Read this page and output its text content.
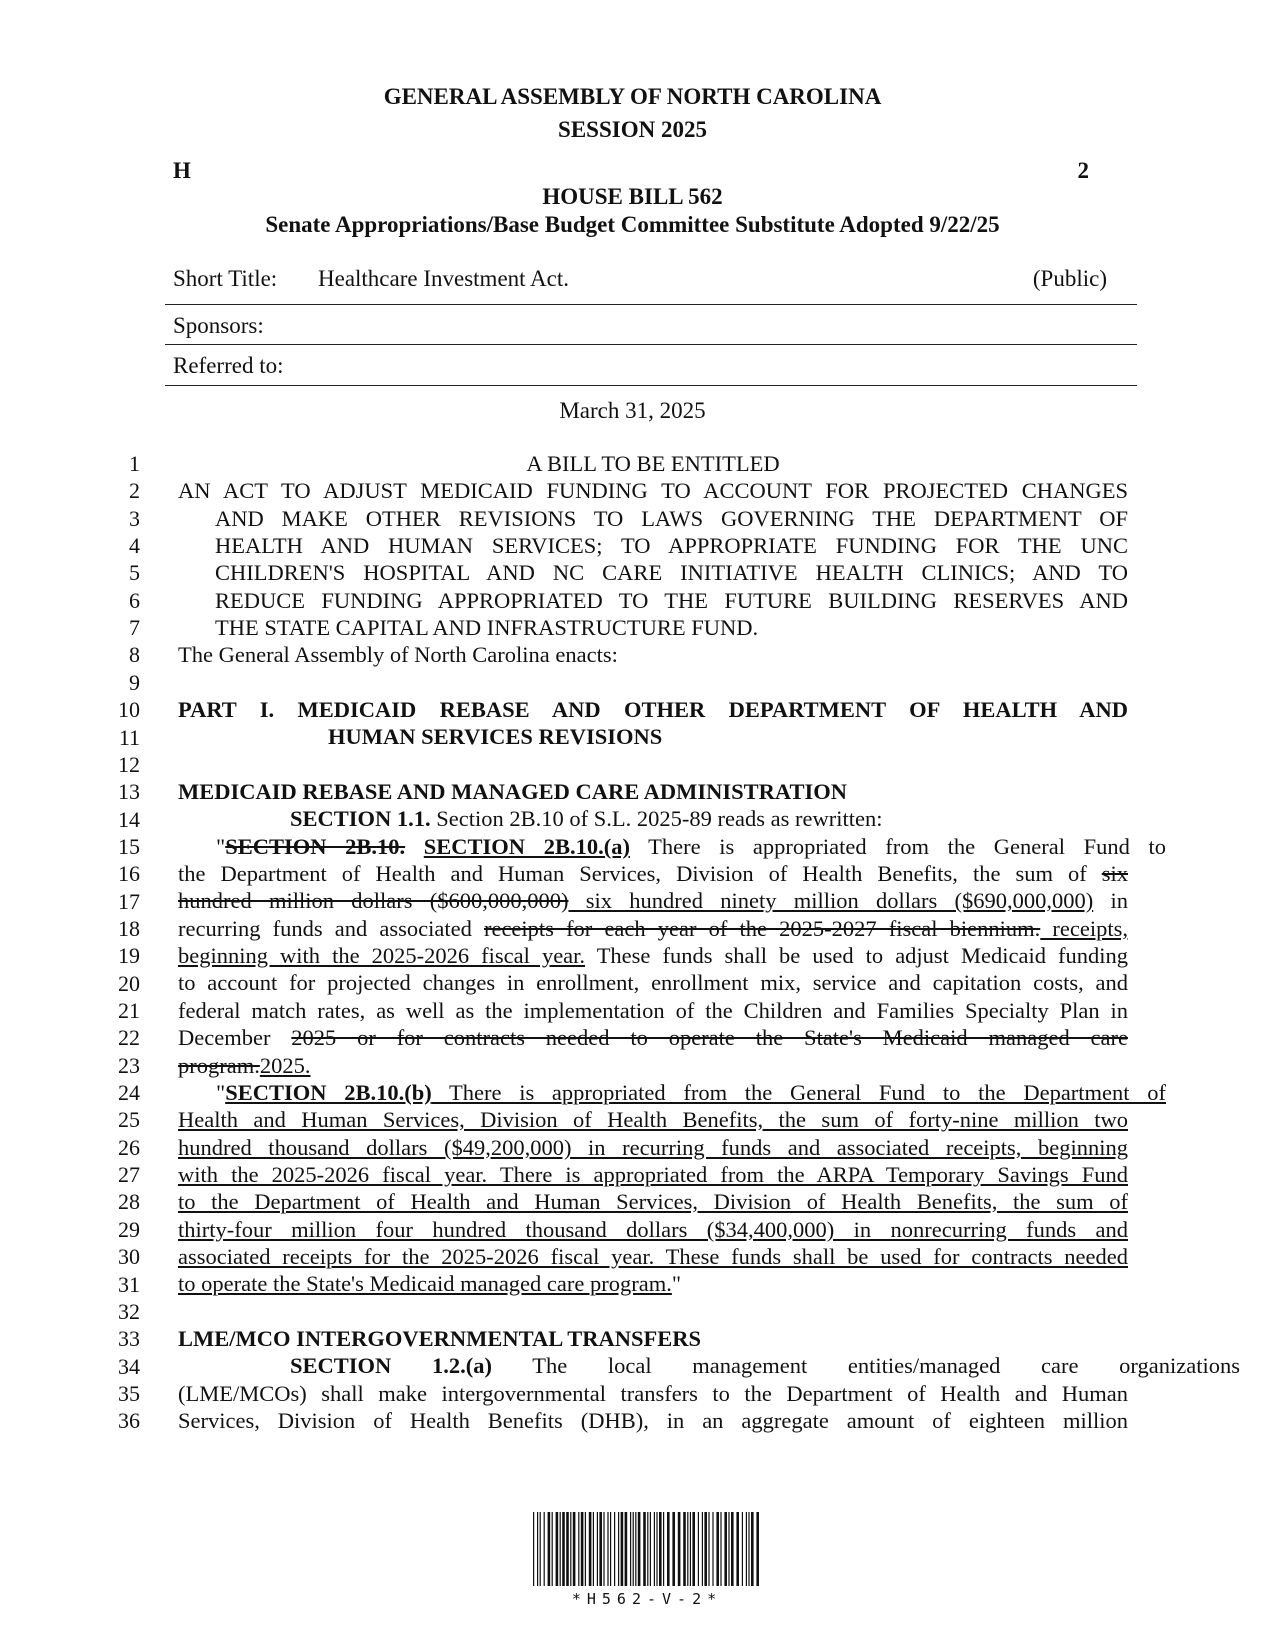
GENERAL ASSEMBLY OF NORTH CAROLINA
SESSION 2025
H	2
HOUSE BILL 562
Senate Appropriations/Base Budget Committee Substitute Adopted 9/22/25
Short Title: Healthcare Investment Act.	(Public)
Sponsors:
Referred to:
March 31, 2025
1
2
3
4
5
6
7
8
9
10
11
12
13
14
15
16
17
18
19
20
21
22
23
24
25
26
27
28
29
30
31
32
33
34
35
36
A BILL TO BE ENTITLED
AN ACT TO ADJUST MEDICAID FUNDING TO ACCOUNT FOR PROJECTED CHANGES
AND MAKE OTHER REVISIONS TO LAWS GOVERNING THE DEPARTMENT OF
HEALTH AND HUMAN SERVICES; TO APPROPRIATE FUNDING FOR THE UNC
CHILDREN'S HOSPITAL AND NC CARE INITIATIVE HEALTH CLINICS; AND TO
REDUCE FUNDING APPROPRIATED TO THE FUTURE BUILDING RESERVES AND
THE STATE CAPITAL AND INFRASTRUCTURE FUND.
The General Assembly of North Carolina enacts:
PART I. MEDICAID REBASE AND OTHER DEPARTMENT OF HEALTH AND
HUMAN SERVICES REVISIONS
MEDICAID REBASE AND MANAGED CARE ADMINISTRATION
SECTION 1.1. Section 2B.10 of S.L. 2025-89 reads as rewritten:
"SECTION 2B.10. SECTION 2B.10.(a) There is appropriated from the General Fund to
the Department of Health and Human Services, Division of Health Benefits, the sum of six
hundred million dollars ($600,000,000) six hundred ninety million dollars ($690,000,000) in
recurring funds and associated receipts for each year of the 2025-2027 fiscal biennium. receipts,
beginning with the 2025-2026 fiscal year. These funds shall be used to adjust Medicaid funding
to account for projected changes in enrollment, enrollment mix, service and capitation costs, and
federal match rates, as well as the implementation of the Children and Families Specialty Plan in
December 2025 or for contracts needed to operate the State's Medicaid managed care
program.2025.
"SECTION 2B.10.(b) There is appropriated from the General Fund to the Department of
Health and Human Services, Division of Health Benefits, the sum of forty-nine million two
hundred thousand dollars ($49,200,000) in recurring funds and associated receipts, beginning
with the 2025-2026 fiscal year. There is appropriated from the ARPA Temporary Savings Fund
to the Department of Health and Human Services, Division of Health Benefits, the sum of
thirty-four million four hundred thousand dollars ($34,400,000) in nonrecurring funds and
associated receipts for the 2025-2026 fiscal year. These funds shall be used for contracts needed
to operate the State's Medicaid managed care program."
LME/MCO INTERGOVERNMENTAL TRANSFERS
SECTION 1.2.(a) The local management entities/managed care organizations
(LME/MCOs) shall make intergovernmental transfers to the Department of Health and Human
Services, Division of Health Benefits (DHB), in an aggregate amount of eighteen million
*H562-V-2*
